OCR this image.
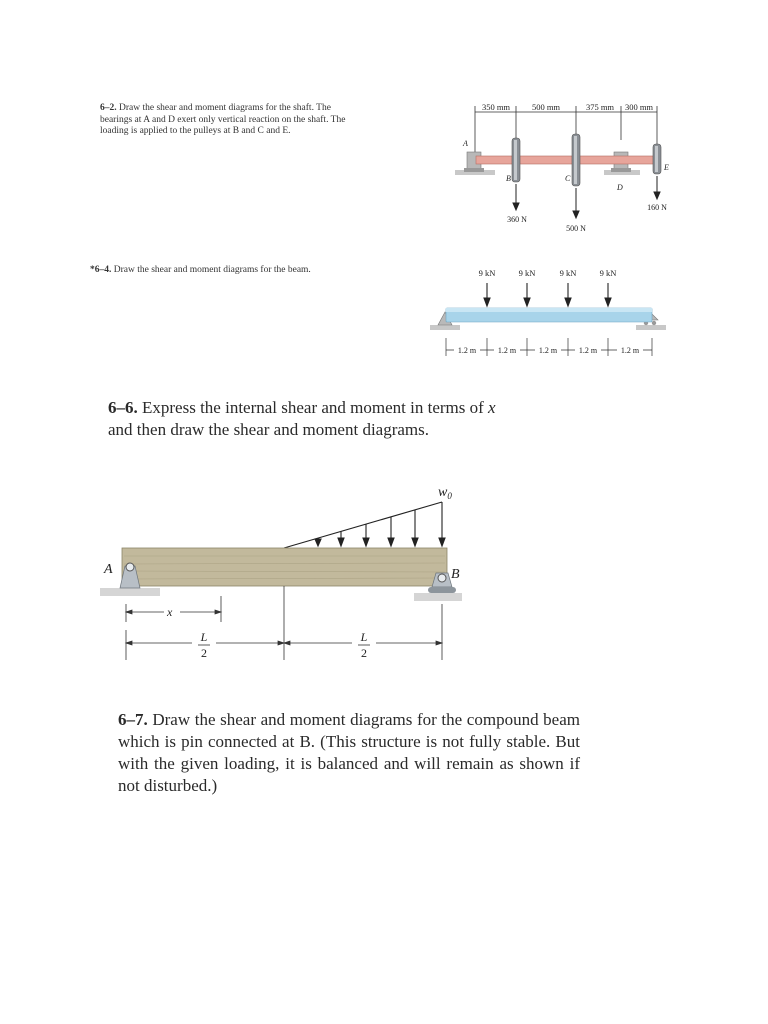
6–2. Draw the shear and moment diagrams for the shaft. The bearings at A and D exert only vertical reaction on the shaft. The loading is applied to the pulleys at B and C and E.

350 mm	500 mm	375 mm 300 mm
A
B	C
D
E
360 N
500 N
160 N

*6–4. Draw the shear and moment diagrams for the beam.	9 kN	9 kN	9 kN	9 kN
1.2 m	1.2 m	1.2 m	1.2 m	1.2 m

6–6. Express the internal shear and moment in terms of x
and then draw the shear and moment diagrams.

$w_0$
A	B
x
L
2
L
2

6–7. Draw the shear and moment diagrams for the compound beam which is pin connected at B. (This structure is not fully stable. But with the given loading, it is balanced and will remain as shown if not disturbed.)
